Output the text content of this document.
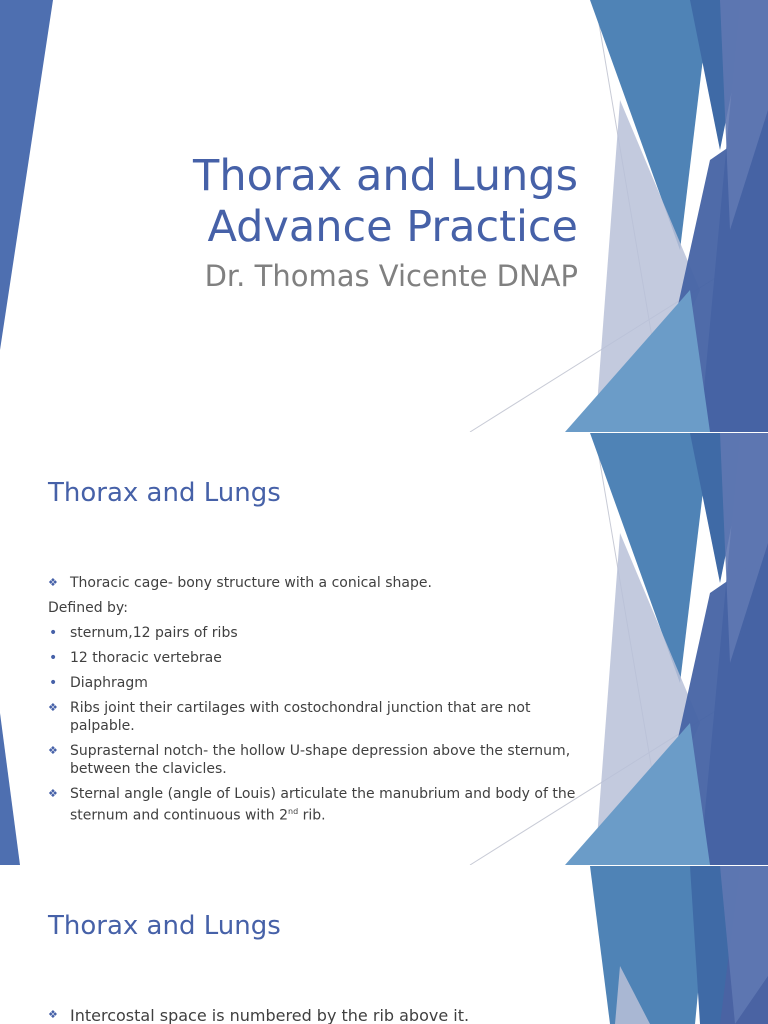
Thorax and Lungs
Advance Practice

Dr. Thomas Vicente DNAP

Thorax and Lungs
❖ Thoracic cage- bony structure with a conical shape.
Defined by:
• sternum,12 pairs of ribs
• 12 thoracic vertebrae
• Diaphragm
❖ Ribs joint their cartilages with costochondral junction that are not palpable.
❖ Suprasternal notch- the hollow U-shape depression above the sternum, between the clavicles.
❖ Sternal angle (angle of Louis) articulate the manubrium and body of the sternum and continuous with 2nd rib.
Thorax and Lungs

❖ Intercostal space is numbered by the rib above it.
